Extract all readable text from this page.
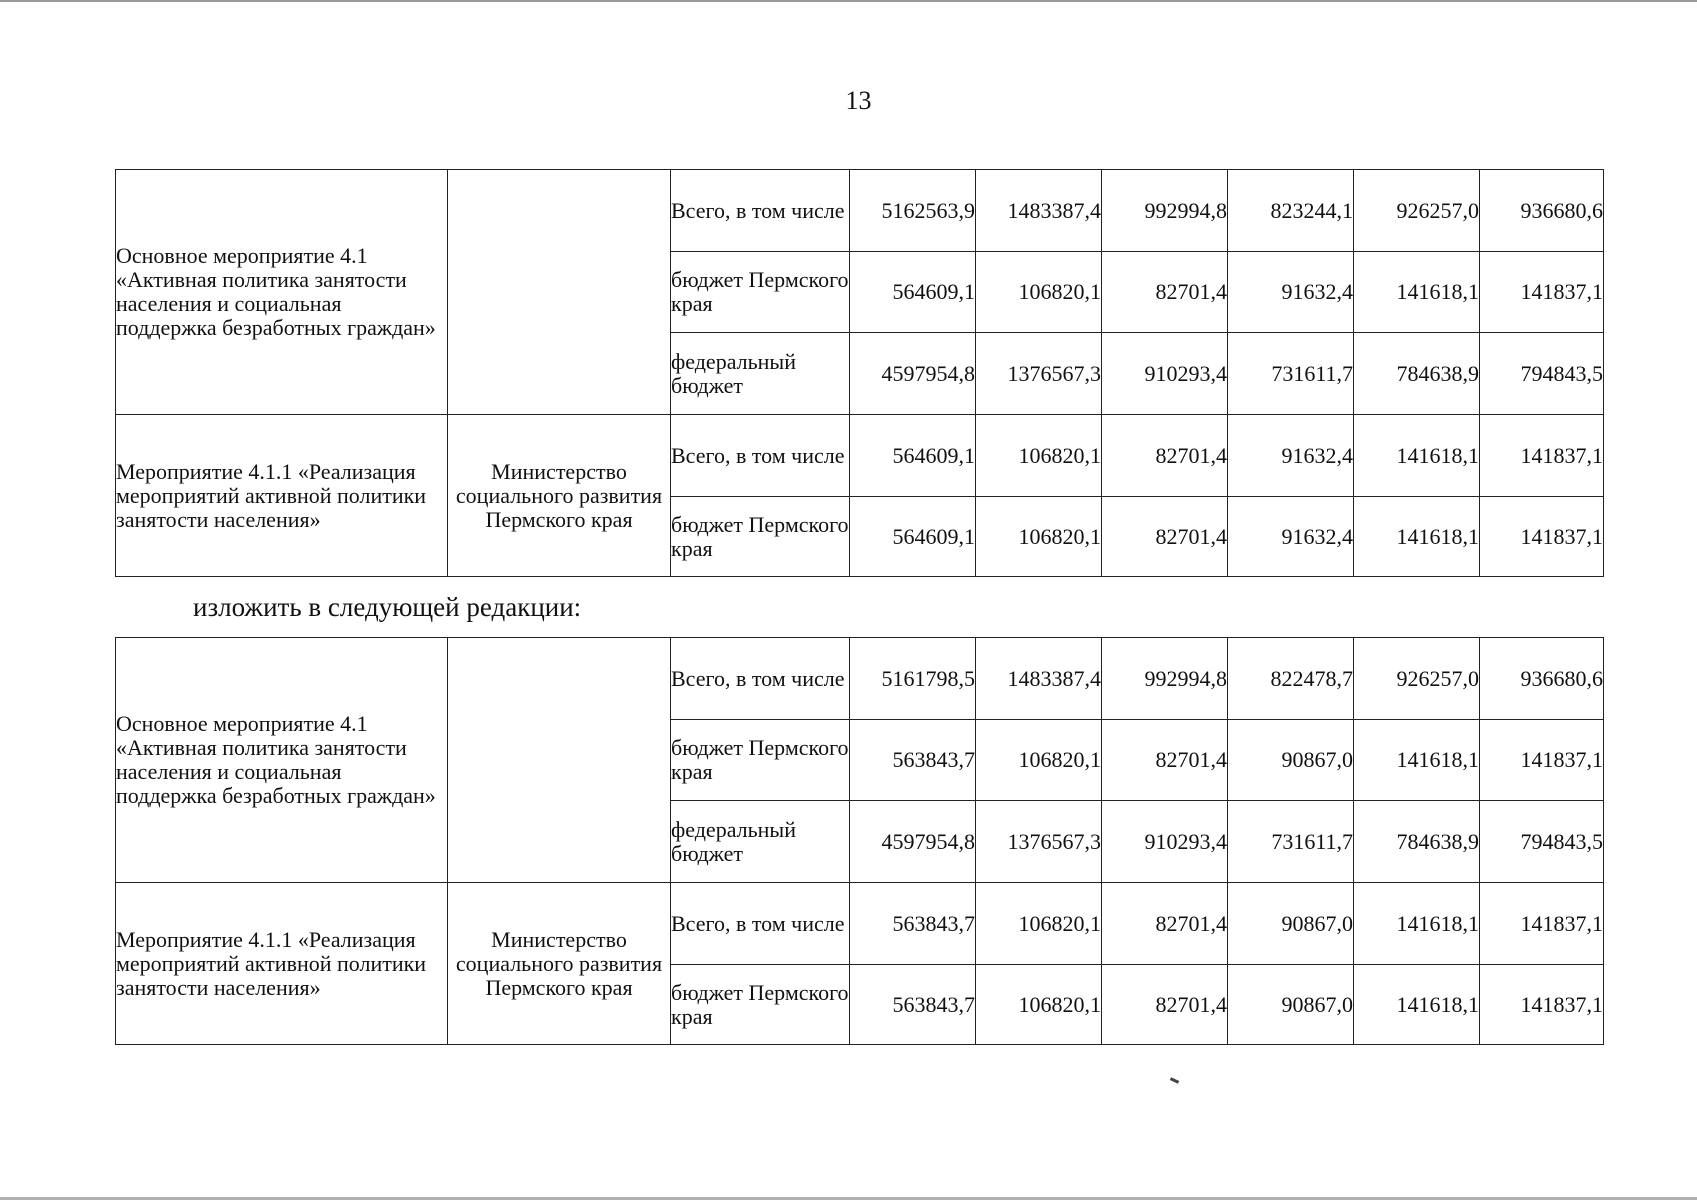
13
изложить в следующей редакции:
Основное мероприятие 4.1 «Активная политика занятости населения и социальная поддержка безработных граждан»		Всего, в том числе	5162563,9	1483387,4	992994,8	823244,1	926257,0	936680,6
		бюджет Пермского края	564609,1	106820,1	82701,4	91632,4	141618,1	141837,1
		федеральный бюджет	4597954,8	1376567,3	910293,4	731611,7	784638,9	794843,5
Мероприятие 4.1.1 «Реализация мероприятий активной политики занятости населения»	Министерство социального развития Пермского края	Всего, в том числе	564609,1	106820,1	82701,4	91632,4	141618,1	141837,1
		бюджет Пермского края	564609,1	106820,1	82701,4	91632,4	141618,1	141837,1
Основное мероприятие 4.1 «Активная политика занятости населения и социальная поддержка безработных граждан»		Всего, в том числе	5161798,5	1483387,4	992994,8	822478,7	926257,0	936680,6
		бюджет Пермского края	563843,7	106820,1	82701,4	90867,0	141618,1	141837,1
		федеральный бюджет	4597954,8	1376567,3	910293,4	731611,7	784638,9	794843,5
Мероприятие 4.1.1 «Реализация мероприятий активной политики занятости населения»	Министерство социального развития Пермского края	Всего, в том числе	563843,7	106820,1	82701,4	90867,0	141618,1	141837,1
		бюджет Пермского края	563843,7	106820,1	82701,4	90867,0	141618,1	141837,1
